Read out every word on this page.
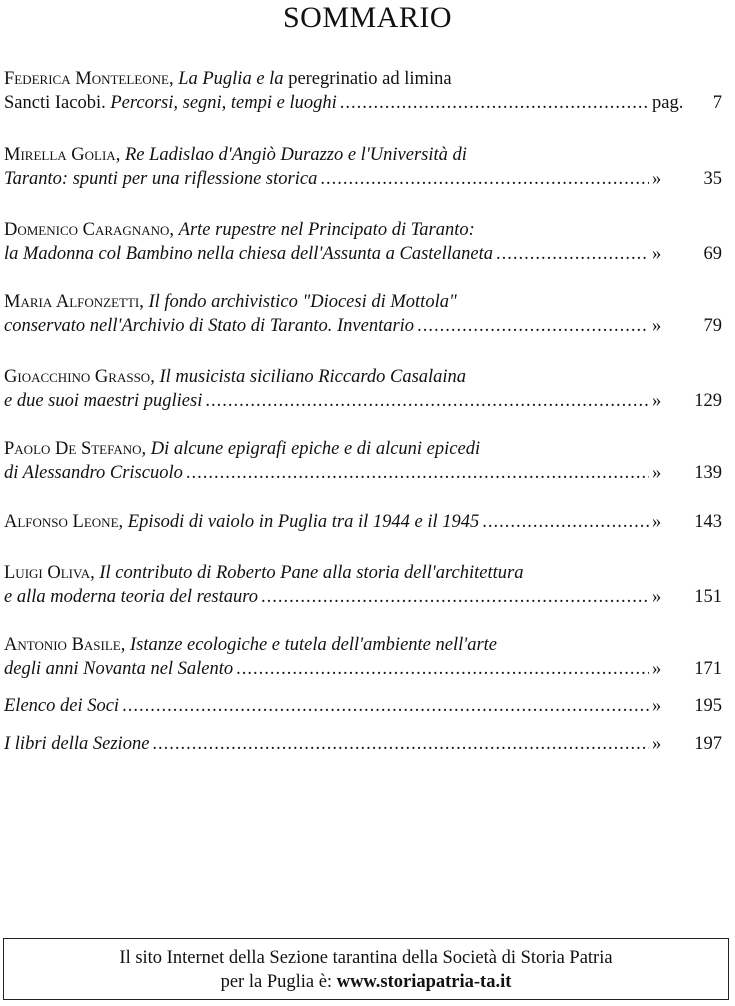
SOMMARIO
Federica Monteleone, La Puglia e la peregrinatio ad limina
Sancti Iacobi. Percorsi, segni, tempi e luoghi .....	pag.	7
Mirella Golia, Re Ladislao d'Angiò Durazzo e l'Università di
Taranto: spunti per una riflessione storica .....	»	35
Domenico Caragnano, Arte rupestre nel Principato di Taranto:
la Madonna col Bambino nella chiesa dell'Assunta a Castellaneta .....	»	69
Maria Alfonzetti, Il fondo archivistico "Diocesi di Mottola"
conservato nell'Archivio di Stato di Taranto. Inventario .....	»	79
Gioacchino Grasso, Il musicista siciliano Riccardo Casalaina
e due suoi maestri pugliesi .....	»	129
Paolo De Stefano, Di alcune epigrafi epiche e di alcuni epicedi
di Alessandro Criscuolo .....	»	139
Alfonso Leone, Episodi di vaiolo in Puglia tra il 1944 e il 1945 .....	»	143
Luigi Oliva, Il contributo di Roberto Pane alla storia dell'architettura
e alla moderna teoria del restauro .....	»	151
Antonio Basile, Istanze ecologiche e tutela dell'ambiente nell'arte
degli anni Novanta nel Salento .....	»	171
Elenco dei Soci .....	»	195
I libri della Sezione .....	»	197
Il sito Internet della Sezione tarantina della Società di Storia Patria
per la Puglia è: www.storiapatria-ta.it
